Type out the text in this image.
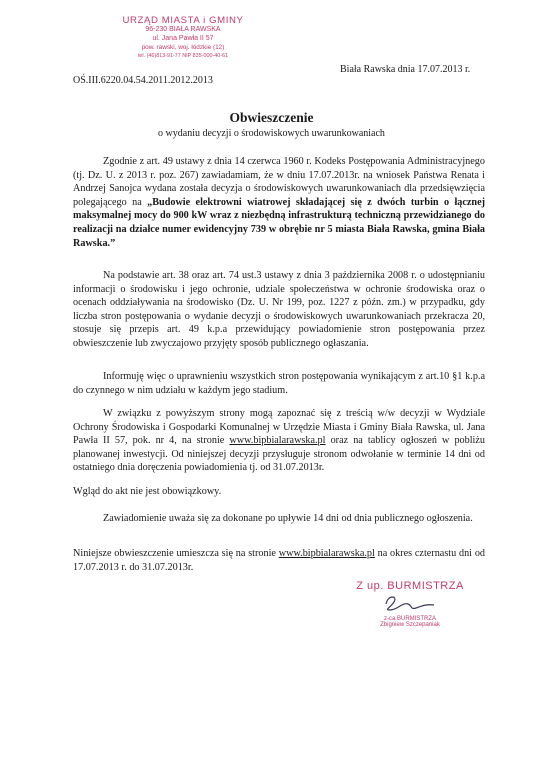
URZĄD MIASTA i GMINY
96-230 BIAŁA RAWSKA
ul. Jana Pawła II 57
pow. rawski, woj. łódzkie (12)
tel. (46)813-91-77 NIP 835-000-40-61
Biała Rawska dnia 17.07.2013 r.
OŚ.III.6220.04.54.2011.2012.2013
Obwieszczenie
o wydaniu decyzji o środowiskowych uwarunkowaniach

Zgodnie z art. 49 ustawy z dnia 14 czerwca 1960 r. Kodeks Postępowania Administracyjnego (tj. Dz. U. z 2013 r. poz. 267) zawiadamiam, że w dniu 17.07.2013r. na wniosek Państwa Renata i Andrzej Sanojca wydana została decyzja o środowiskowych uwarunkowaniach dla przedsięwzięcia polegającego na „Budowie elektrowni wiatrowej składającej się z dwóch turbin o łącznej maksymalnej mocy do 900 kW wraz z niezbędną infrastrukturą techniczną przewidzianego do realizacji na działce numer ewidencyjny 739 w obrębie nr 5 miasta Biała Rawska, gmina Biała Rawska.”

Na podstawie art. 38 oraz art. 74 ust.3 ustawy z dnia 3 października 2008 r. o udostępnianiu informacji o środowisku i jego ochronie, udziale społeczeństwa w ochronie środowiska oraz o ocenach oddziaływania na środowisko (Dz. U. Nr 199, poz. 1227 z późn. zm.) w przypadku, gdy liczba stron postępowania o wydanie decyzji o środowiskowych uwarunkowaniach przekracza 20, stosuje się przepis art. 49 k.p.a przewidujący powiadomienie stron postępowania przez obwieszczenie lub zwyczajowo przyjęty sposób publicznego ogłaszania.

Informuję więc o uprawnieniu wszystkich stron postępowania wynikającym z art.10 §1 k.p.a do czynnego w nim udziału w każdym jego stadium.

W związku z powyższym strony mogą zapoznać się z treścią w/w decyzji w Wydziale Ochrony Środowiska i Gospodarki Komunalnej w Urzędzie Miasta i Gminy Biała Rawska, ul. Jana Pawła II 57, pok. nr 4, na stronie www.bipbialarawska.pl oraz na tablicy ogłoszeń w pobliżu planowanej inwestycji. Od niniejszej decyzji przysługuje stronom odwołanie w terminie 14 dni od ostatniego dnia doręczenia powiadomienia tj. od 31.07.2013r.

Wgląd do akt nie jest obowiązkowy.

Zawiadomienie uważa się za dokonane po upływie 14 dni od dnia publicznego ogłoszenia.

Niniejsze obwieszczenie umieszcza się na stronie www.bipbialarawska.pl na okres czternastu dni od 17.07.2013 r. do 31.07.2013r.

Z up. BURMISTRZA
z-ca BURMISTRZA
Zbigniew Szczepaniak
